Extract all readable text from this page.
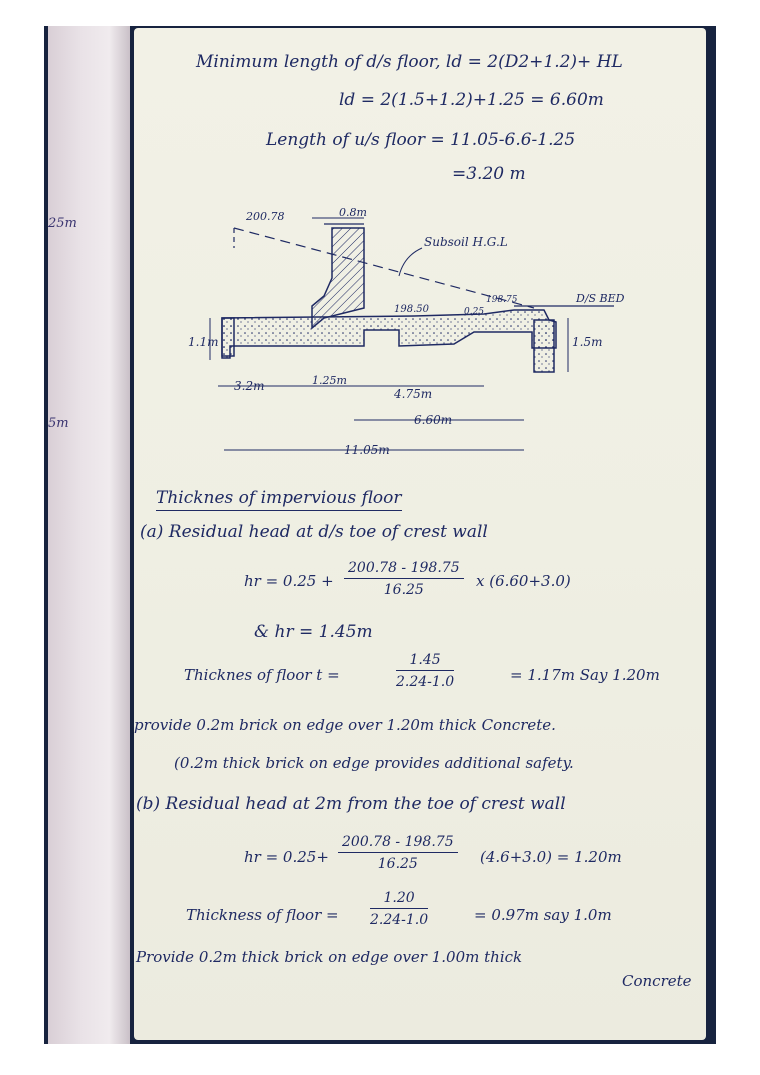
25m
5m
Minimum length of d/s floor, ld = 2(D2+1.2)+ HL
ld = 2(1.5+1.2)+1.25 = 6.60m
Length of u/s floor = 11.05-6.6-1.25
=3.20 m
200.78	0.8m
Subsoil H.G.L
198.50
198.75
0.25
D/S BED
1.1m	1.5m
3.2m	1.25m
4.75m
6.60m
11.05m
Thicknes of impervious floor
(a) Residual head at d/s toe of crest wall
hr = $0.25 + \frac{200.78 - 198.75}{16.25}$ x (6.60+3.0)
& hr = 1.45m
Thicknes of floor t =	$\frac{1.45}{2.24-1.0}$	= 1.17m Say 1.20m
provide 0.2m brick on edge over 1.20m thick Concrete.
(0.2m thick brick on edge provides additional safety.
(b) Residual head at 2m from the toe of crest wall
hr = $0.25+ \frac{200.78 - 198.75}{16.25} (4.6+3.0) = 1.20m$
Thickness of floor = $\frac{1.20}{2.24-1.0}$	= 0.97m say 1.0m
Provide 0.2m thick brick on edge over 1.00m thick
Concrete
